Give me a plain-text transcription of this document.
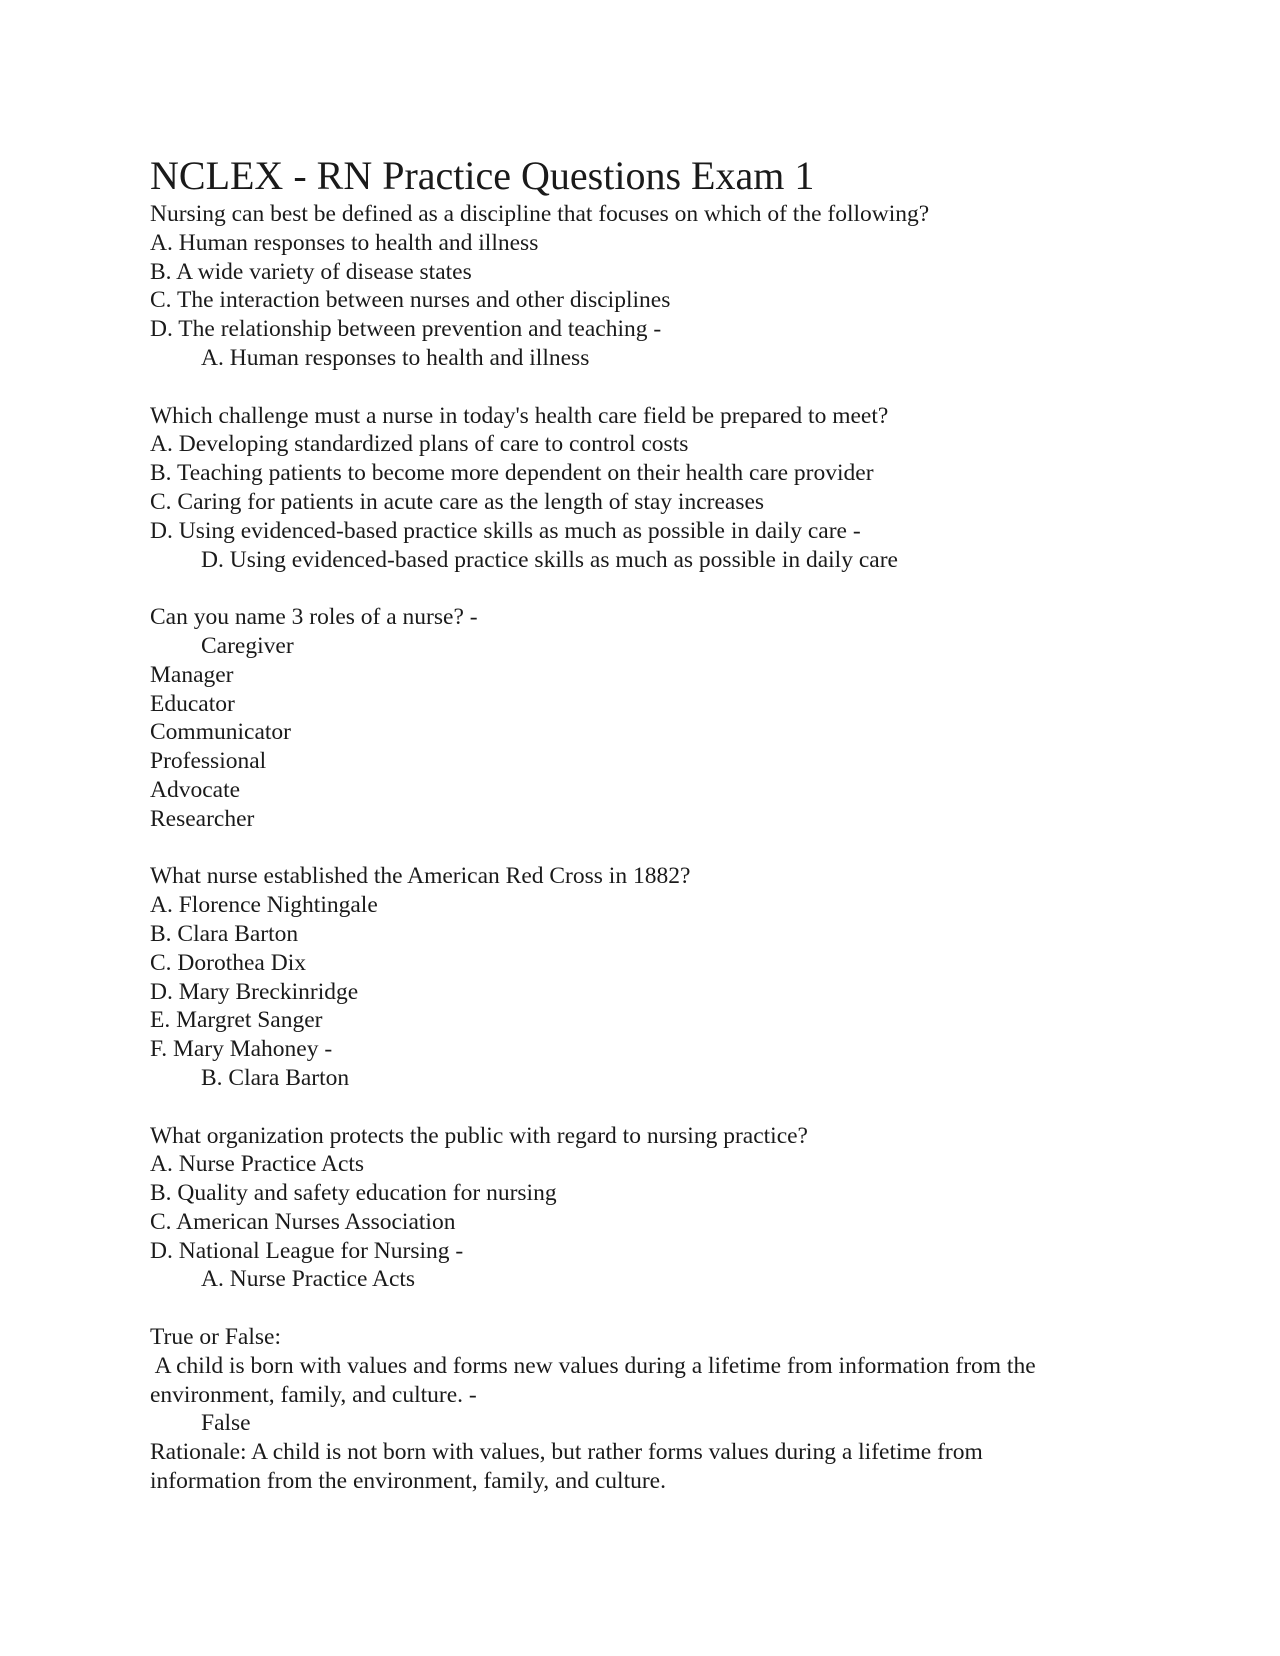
NCLEX - RN Practice Questions Exam 1
Nursing can best be defined as a discipline that focuses on which of the following?
A. Human responses to health and illness
B. A wide variety of disease states
C. The interaction between nurses and other disciplines
D. The relationship between prevention and teaching -
A. Human responses to health and illness
Which challenge must a nurse in today's health care field be prepared to meet?
A. Developing standardized plans of care to control costs
B. Teaching patients to become more dependent on their health care provider
C. Caring for patients in acute care as the length of stay increases
D. Using evidenced-based practice skills as much as possible in daily care -
D. Using evidenced-based practice skills as much as possible in daily care
Can you name 3 roles of a nurse? -
Caregiver
Manager
Educator
Communicator
Professional
Advocate
Researcher
What nurse established the American Red Cross in 1882?
A. Florence Nightingale
B. Clara Barton
C. Dorothea Dix
D. Mary Breckinridge
E. Margret Sanger
F. Mary Mahoney -
B. Clara Barton
What organization protects the public with regard to nursing practice?
A. Nurse Practice Acts
B. Quality and safety education for nursing
C. American Nurses Association
D. National League for Nursing -
A. Nurse Practice Acts
True or False:
A child is born with values and forms new values during a lifetime from information from the
environment, family, and culture. -
False
Rationale: A child is not born with values, but rather forms values during a lifetime from
information from the environment, family, and culture.
